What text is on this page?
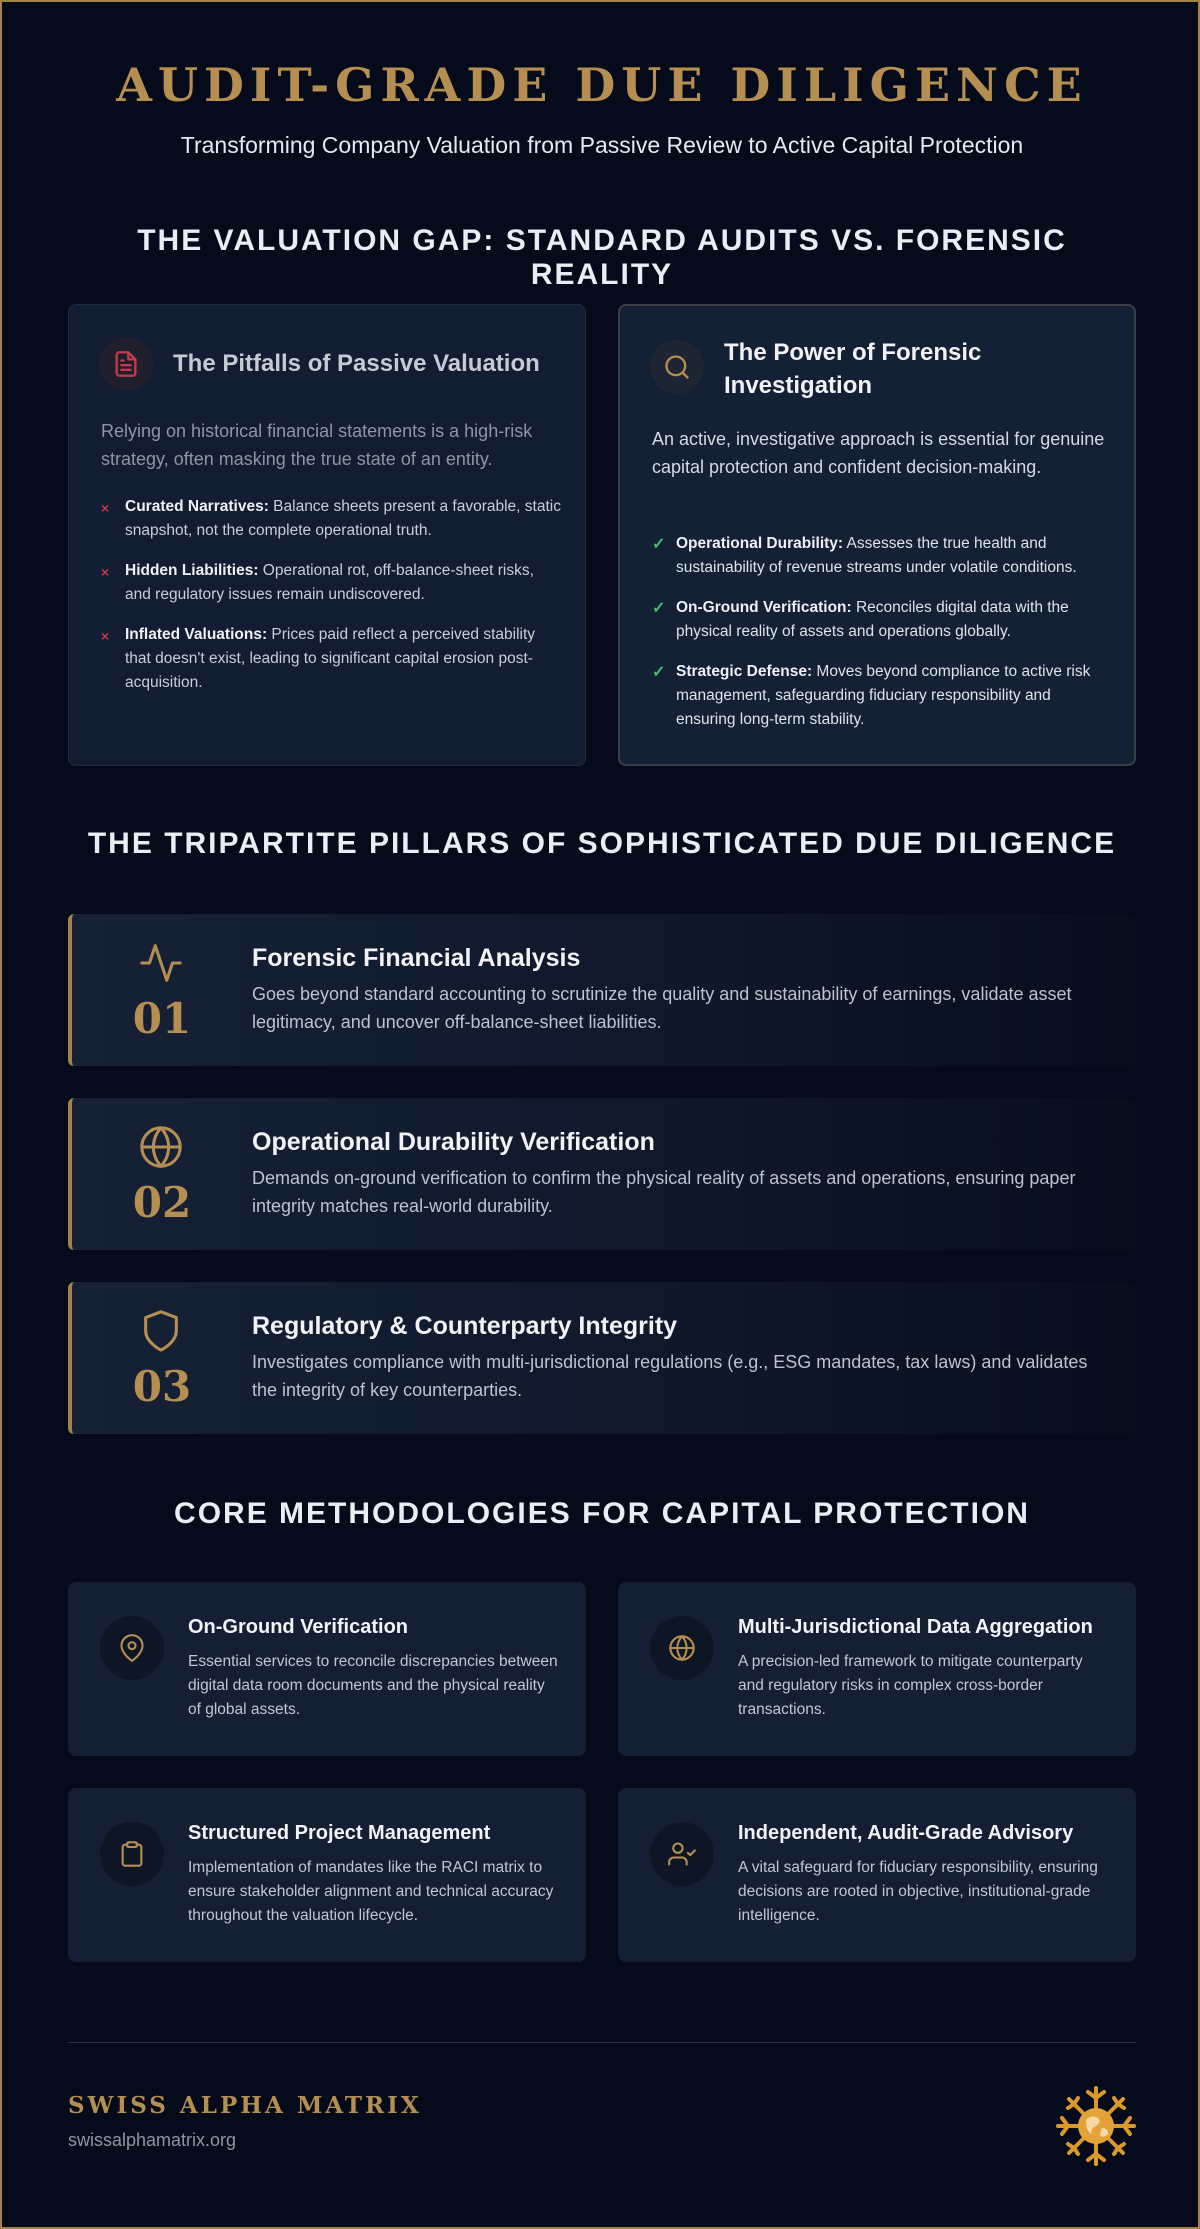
AUDIT-GRADE DUE DILIGENCE
Transforming Company Valuation from Passive Review to Active Capital Protection
THE VALUATION GAP: STANDARD AUDITS VS. FORENSIC REALITY
The Pitfalls of Passive Valuation

Relying on historical financial statements is a high-risk strategy, often masking the true state of an entity.

× Curated Narratives: Balance sheets present a favorable, static snapshot, not the complete operational truth.
× Hidden Liabilities: Operational rot, off-balance-sheet risks, and regulatory issues remain undiscovered.
× Inflated Valuations: Prices paid reflect a perceived stability that doesn't exist, leading to significant capital erosion post-acquisition.
The Power of Forensic Investigation

An active, investigative approach is essential for genuine capital protection and confident decision-making.

✓ Operational Durability: Assesses the true health and sustainability of revenue streams under volatile conditions.
✓ On-Ground Verification: Reconciles digital data with the physical reality of assets and operations globally.
✓ Strategic Defense: Moves beyond compliance to active risk management, safeguarding fiduciary responsibility and ensuring long-term stability.
THE TRIPARTITE PILLARS OF SOPHISTICATED DUE DILIGENCE
01
Forensic Financial Analysis

Goes beyond standard accounting to scrutinize the quality and sustainability of earnings, validate asset legitimacy, and uncover off-balance-sheet liabilities.

02
Operational Durability Verification

Demands on-ground verification to confirm the physical reality of assets and operations, ensuring paper integrity matches real-world durability.

03
Regulatory & Counterparty Integrity

Investigates compliance with multi-jurisdictional regulations (e.g., ESG mandates, tax laws) and validates the integrity of key counterparties.

CORE METHODOLOGIES FOR CAPITAL PROTECTION
On-Ground Verification

Essential services to reconcile discrepancies between digital data room documents and the physical reality of global assets.

Multi-Jurisdictional Data Aggregation

A precision-led framework to mitigate counterparty and regulatory risks in complex cross-border transactions.

Structured Project Management

Implementation of mandates like the RACI matrix to ensure stakeholder alignment and technical accuracy throughout the valuation lifecycle.

Independent, Audit-Grade Advisory

A vital safeguard for fiduciary responsibility, ensuring decisions are rooted in objective, institutional-grade intelligence.

SWISS ALPHA MATRIX
swissalphamatrix.org
